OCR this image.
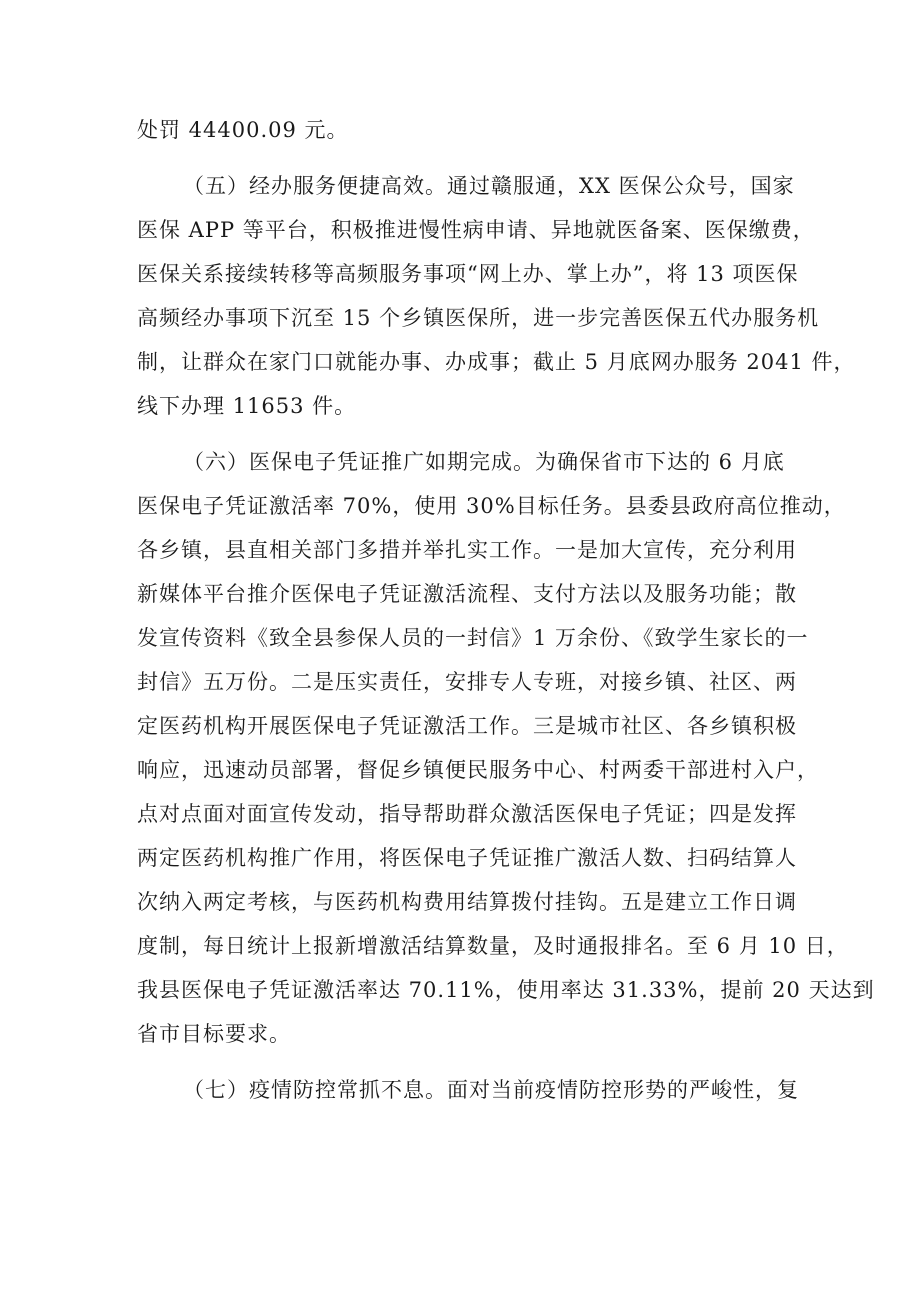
处罚 44400.09 元。
（五）经办服务便捷高效。通过赣服通，XX 医保公众号，国家
医保 APP 等平台，积极推进慢性病申请、异地就医备案、医保缴费，
医保关系接续转移等高频服务事项“网上办、掌上办”，将 13 项医保
高频经办事项下沉至 15 个乡镇医保所，进一步完善医保五代办服务机
制，让群众在家门口就能办事、办成事；截止 5 月底网办服务 2041 件，
线下办理 11653 件。
（六）医保电子凭证推广如期完成。为确保省市下达的 6 月底
医保电子凭证激活率 70%，使用 30%目标任务。县委县政府高位推动，
各乡镇，县直相关部门多措并举扎实工作。一是加大宣传，充分利用
新媒体平台推介医保电子凭证激活流程、支付方法以及服务功能；散
发宣传资料《致全县参保人员的一封信》1 万余份、《致学生家长的一
封信》五万份。二是压实责任，安排专人专班，对接乡镇、社区、两
定医药机构开展医保电子凭证激活工作。三是城市社区、各乡镇积极
响应，迅速动员部署，督促乡镇便民服务中心、村两委干部进村入户，
点对点面对面宣传发动，指导帮助群众激活医保电子凭证；四是发挥
两定医药机构推广作用，将医保电子凭证推广激活人数、扫码结算人
次纳入两定考核，与医药机构费用结算拨付挂钩。五是建立工作日调
度制，每日统计上报新增激活结算数量，及时通报排名。至 6 月 10 日，
我县医保电子凭证激活率达 70.11%，使用率达 31.33%，提前 20 天达到
省市目标要求。
（七）疫情防控常抓不息。面对当前疫情防控形势的严峻性，复
